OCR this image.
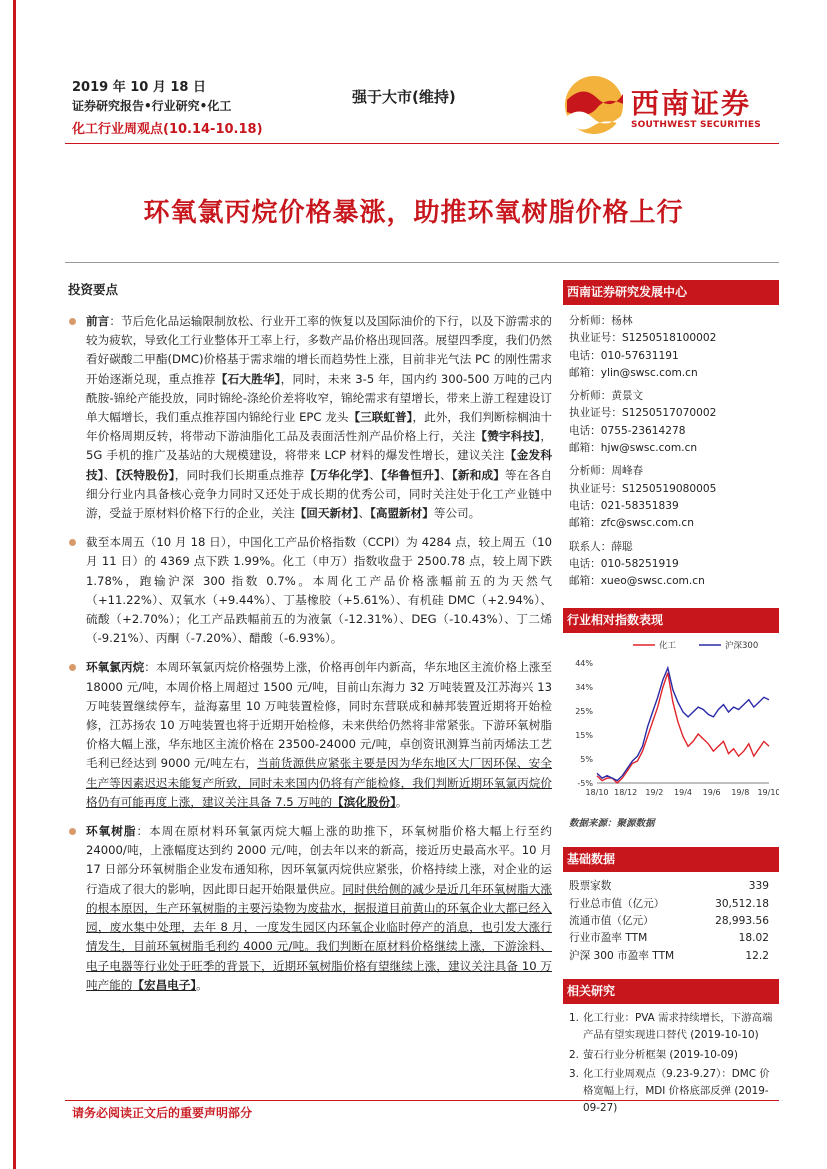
2019 年 10 月 18 日
证券研究报告•行业研究•化工
化工行业周观点(10.14-10.18)
强于大市(维持)	西南证券
SOUTHWEST SECURITIES
环氧氯丙烷价格暴涨，助推环氧树脂价格上行
投资要点
前言：节后危化品运输限制放松、行业开工率的恢复以及国际油价的下行，以及下游需求的较为疲软，导致化工行业整体开工率上行，多数产品价格出现回落。展望四季度，我们仍然看好碳酸二甲酯(DMC)价格基于需求端的增长而趋势性上涨，目前非光气法 PC 的刚性需求开始逐渐兑现，重点推荐【石大胜华】，同时，未来 3-5 年，国内约 300-500 万吨的己内酰胺-锦纶产能投放，同时锦纶-涤纶价差将收窄，锦纶需求有望增长，带来上游工程建设订单大幅增长，我们重点推荐国内锦纶行业 EPC 龙头【三联虹普】，此外，我们判断棕榈油十年价格周期反转，将带动下游油脂化工品及表面活性剂产品价格上行，关注【赞宇科技】，5G 手机的推广及基站的大规模建设，将带来 LCP 材料的爆发性增长，建议关注【金发科技】、【沃特股份】，同时我们长期重点推荐【万华化学】、【华鲁恒升】、【新和成】等在各自细分行业内具备核心竞争力同时又还处于成长期的优秀公司，同时关注处于化工产业链中游，受益于原材料价格下行的企业，关注【回天新材】、【高盟新材】等公司。
截至本周五（10 月 18 日），中国化工产品价格指数（CCPI）为 4284 点，较上周五（10 月 11 日）的 4369 点下跌 1.99%。化工（申万）指数收盘于 2500.78 点，较上周下跌 1.78%，跑输沪深 300 指数 0.7%。本周化工产品价格涨幅前五的为天然气（+11.22%）、双氧水（+9.44%）、丁基橡胶（+5.61%）、有机硅 DMC（+2.94%）、硫酸（+2.70%）；化工产品跌幅前五的为液氯（-12.31%）、DEG（-10.43%）、丁二烯（-9.21%）、丙酮（-7.20%）、醋酸（-6.93%）。
环氧氯丙烷：本周环氧氯丙烷价格强势上涨，价格再创年内新高，华东地区主流价格上涨至 18000 元/吨，本周价格上周超过 1500 元/吨，目前山东海力 32 万吨装置及江苏海兴 13 万吨装置继续停车，益海嘉里 10 万吨装置检修，同时东营联成和赫邦装置近期将开始检修，江苏扬农 10 万吨装置也将于近期开始检修，未来供给仍然将非常紧张。下游环氧树脂价格大幅上涨，华东地区主流价格在 23500-24000 元/吨，卓创资讯测算当前丙烯法工艺毛利已经达到 9000 元/吨左右，当前货源供应紧张主要是因为华东地区大厂因环保、安全生产等因素迟迟未能复产所致，同时未来国内仍将有产能检修，我们判断近期环氧氯丙烷价格仍有可能再度上涨，建议关注具备 7.5 万吨的【滨化股份】。
环氧树脂：本周在原材料环氧氯丙烷大幅上涨的助推下，环氧树脂价格大幅上行至约 24000/吨，上涨幅度达到约 2000 元/吨，创去年以来的新高，接近历史最高水平。10 月 17 日部分环氧树脂企业发布通知称，因环氧氯丙烷供应紧张，价格持续上涨，对企业的运行造成了很大的影响，因此即日起开始限量供应。同时供给侧的减少是近几年环氧树脂大涨的根本原因，生产环氧树脂的主要污染物为废盐水，据报道目前黄山的环氧企业大都已经入园，废水集中处理，去年 8 月，一度发生园区内环氧企业临时停产的消息，也引发大涨行情发生，目前环氧树脂毛利约 4000 元/吨。我们判断在原材料价格继续上涨，下游涂料、电子电器等行业处于旺季的背景下，近期环氧树脂价格有望继续上涨，建议关注具备 10 万吨产能的【宏昌电子】。
西南证券研究发展中心
分析师：杨林
执业证号：S1250518100002
电话：010-57631191
邮箱：ylin@swsc.com.cn
分析师：黄景文
执业证号：S1250517070002
电话：0755-23614278
邮箱：hjw@swsc.com.cn
分析师：周峰春
执业证号：S1250519080005
电话：021-58351839
邮箱：zfc@swsc.com.cn
联系人：薛聪
电话：010-58251919
邮箱：xueo@swsc.com.cn
行业相对指数表现
44%
34%
25%
15%
5%
-5%
18/10 18/12 19/2 19/4 19/6 19/8 19/10
化工	沪深300
数据来源：聚源数据
基础数据
股票家数	339
行业总市值（亿元）	30,512.18
流通市值（亿元）	28,993.56
行业市盈率 TTM	18.02
沪深 300 市盈率 TTM	12.2
相关研究
1. 化工行业：PVA 需求持续增长，下游高端产品有望实现进口替代 (2019-10-10)
2. 萤石行业分析框架 (2019-10-09)
3. 化工行业周观点（9.23-9.27）：DMC 价格宽幅上行，MDI 价格底部反弹 (2019-09-27)
请务必阅读正文后的重要声明部分
